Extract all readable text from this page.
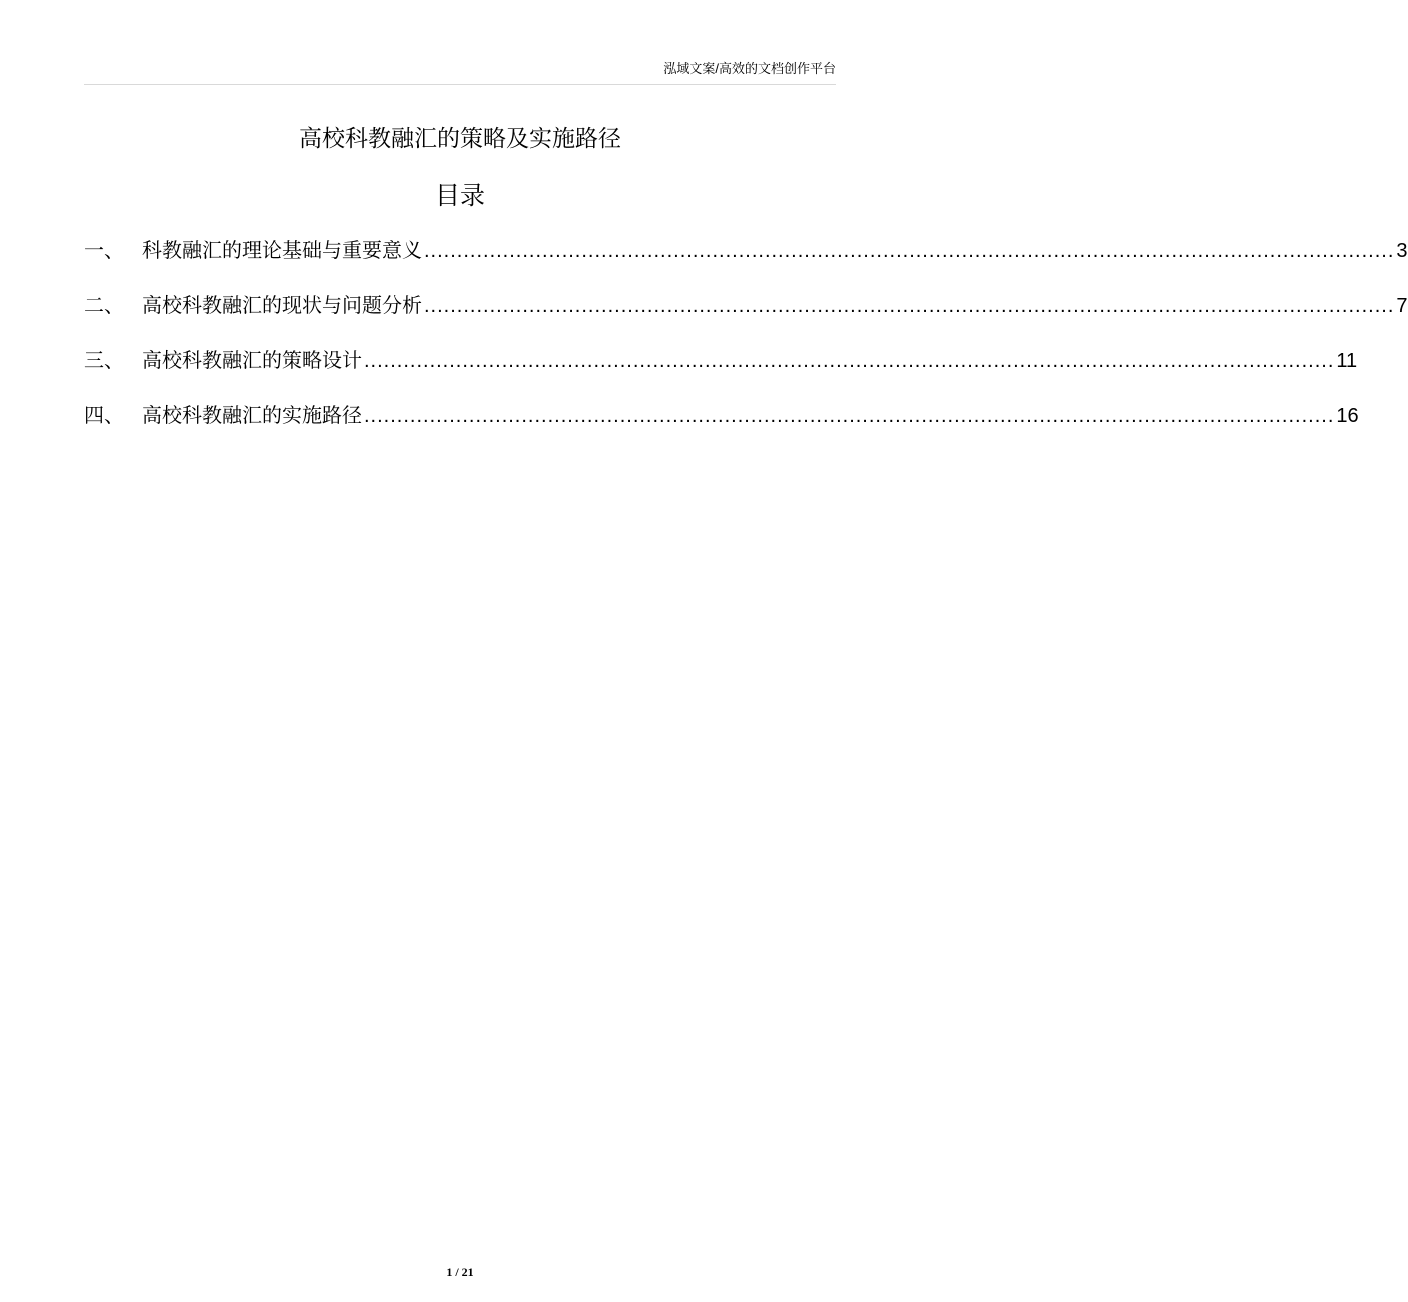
泓域文案/高效的文档创作平台
高校科教融汇的策略及实施路径
目录
一、 科教融汇的理论基础与重要意义 .................................................................................................................................................... 3
二、 高校科教融汇的现状与问题分析 .................................................................................................................................................... 7
三、 高校科教融汇的策略设计 .................................................................................................................................................... 11
四、 高校科教融汇的实施路径 .................................................................................................................................................... 16
1 / 21
